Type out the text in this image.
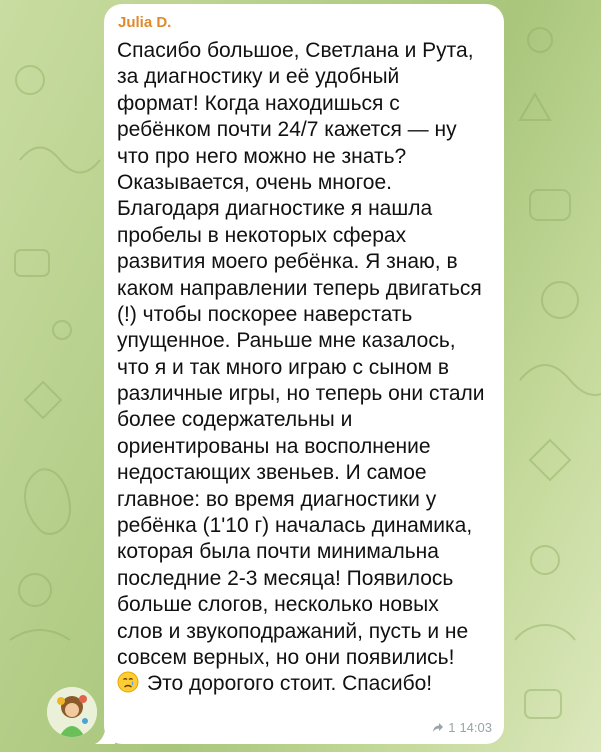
Julia D.
Спасибо большое, Светлана и Рута,
за диагностику и её удобный
формат! Когда находишься с
ребёнком почти 24/7 кажется — ну
что про него можно не знать?
Оказывается, очень многое.
Благодаря диагностике я нашла
пробелы в некоторых сферах
развития моего ребёнка. Я знаю, в
каком направлении теперь двигаться
(!) чтобы поскорее наверстать
упущенное. Раньше мне казалось,
что я и так много играю с сыном в
различные игры, но теперь они стали
более содержательны и
ориентированы на восполнение
недостающих звеньев. И самое
главное: во время диагностики у
ребёнка (1'10 г) началась динамика,
которая была почти минимальна
последние 2-3 месяца! Появилось
больше слогов, несколько новых
слов и звукоподражаний, пусть и не
совсем верных, но они появились!
Это дорогого стоит. Спасибо!
1 14:03
